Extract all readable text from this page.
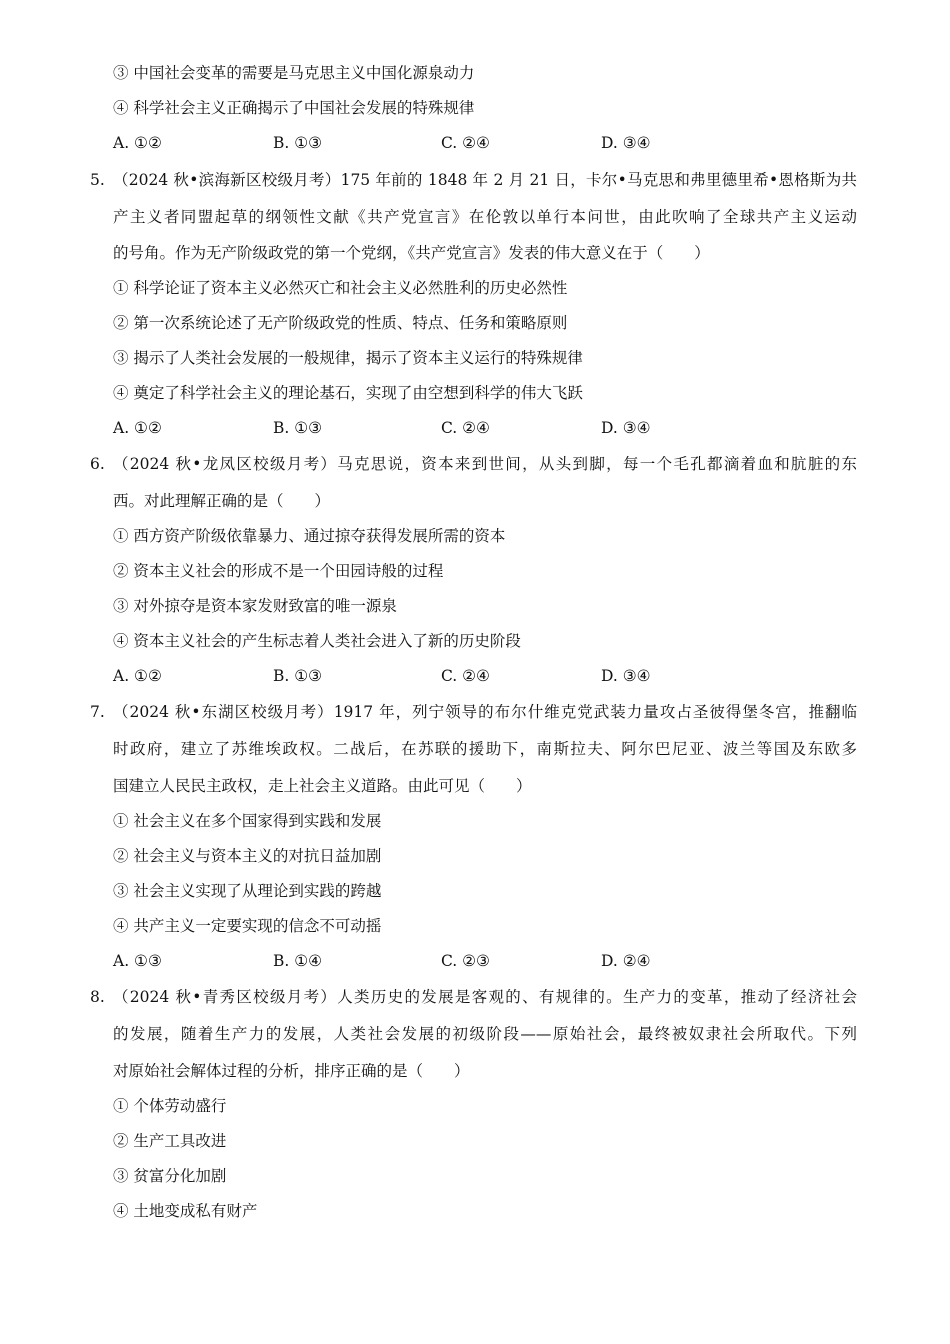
③ 中国社会变革的需要是马克思主义中国化源泉动力
④ 科学社会主义正确揭示了中国社会发展的特殊规律
A. ①②	B. ①③	C. ②④	D. ③④
5. （2024 秋•滨海新区校级月考）175 年前的 1848 年 2 月 21 日，卡尔•马克思和弗里德里希•恩格斯为共
产主义者同盟起草的纲领性文献《共产党宣言》在伦敦以单行本问世，由此吹响了全球共产主义运动
的号角。作为无产阶级政党的第一个党纲，《共产党宣言》发表的伟大意义在于（　　）
① 科学论证了资本主义必然灭亡和社会主义必然胜利的历史必然性
② 第一次系统论述了无产阶级政党的性质、特点、任务和策略原则
③ 揭示了人类社会发展的一般规律，揭示了资本主义运行的特殊规律
④ 奠定了科学社会主义的理论基石，实现了由空想到科学的伟大飞跃
A. ①②	B. ①③	C. ②④	D. ③④
6. （2024 秋•龙凤区校级月考）马克思说，资本来到世间，从头到脚，每一个毛孔都滴着血和肮脏的东
西。对此理解正确的是（　　）
① 西方资产阶级依靠暴力、通过掠夺获得发展所需的资本
② 资本主义社会的形成不是一个田园诗般的过程
③ 对外掠夺是资本家发财致富的唯一源泉
④ 资本主义社会的产生标志着人类社会进入了新的历史阶段
A. ①②	B. ①③	C. ②④	D. ③④
7. （2024 秋•东湖区校级月考）1917 年，列宁领导的布尔什维克党武装力量攻占圣彼得堡冬宫，推翻临
时政府，建立了苏维埃政权。二战后，在苏联的援助下，南斯拉夫、阿尔巴尼亚、波兰等国及东欧多
国建立人民民主政权，走上社会主义道路。由此可见（　　）
① 社会主义在多个国家得到实践和发展
② 社会主义与资本主义的对抗日益加剧
③ 社会主义实现了从理论到实践的跨越
④ 共产主义一定要实现的信念不可动摇
A. ①③	B. ①④	C. ②③	D. ②④
8. （2024 秋•青秀区校级月考）人类历史的发展是客观的、有规律的。生产力的变革，推动了经济社会
的发展，随着生产力的发展，人类社会发展的初级阶段——原始社会，最终被奴隶社会所取代。下列
对原始社会解体过程的分析，排序正确的是（　　）
① 个体劳动盛行
② 生产工具改进
③ 贫富分化加剧
④ 土地变成私有财产
